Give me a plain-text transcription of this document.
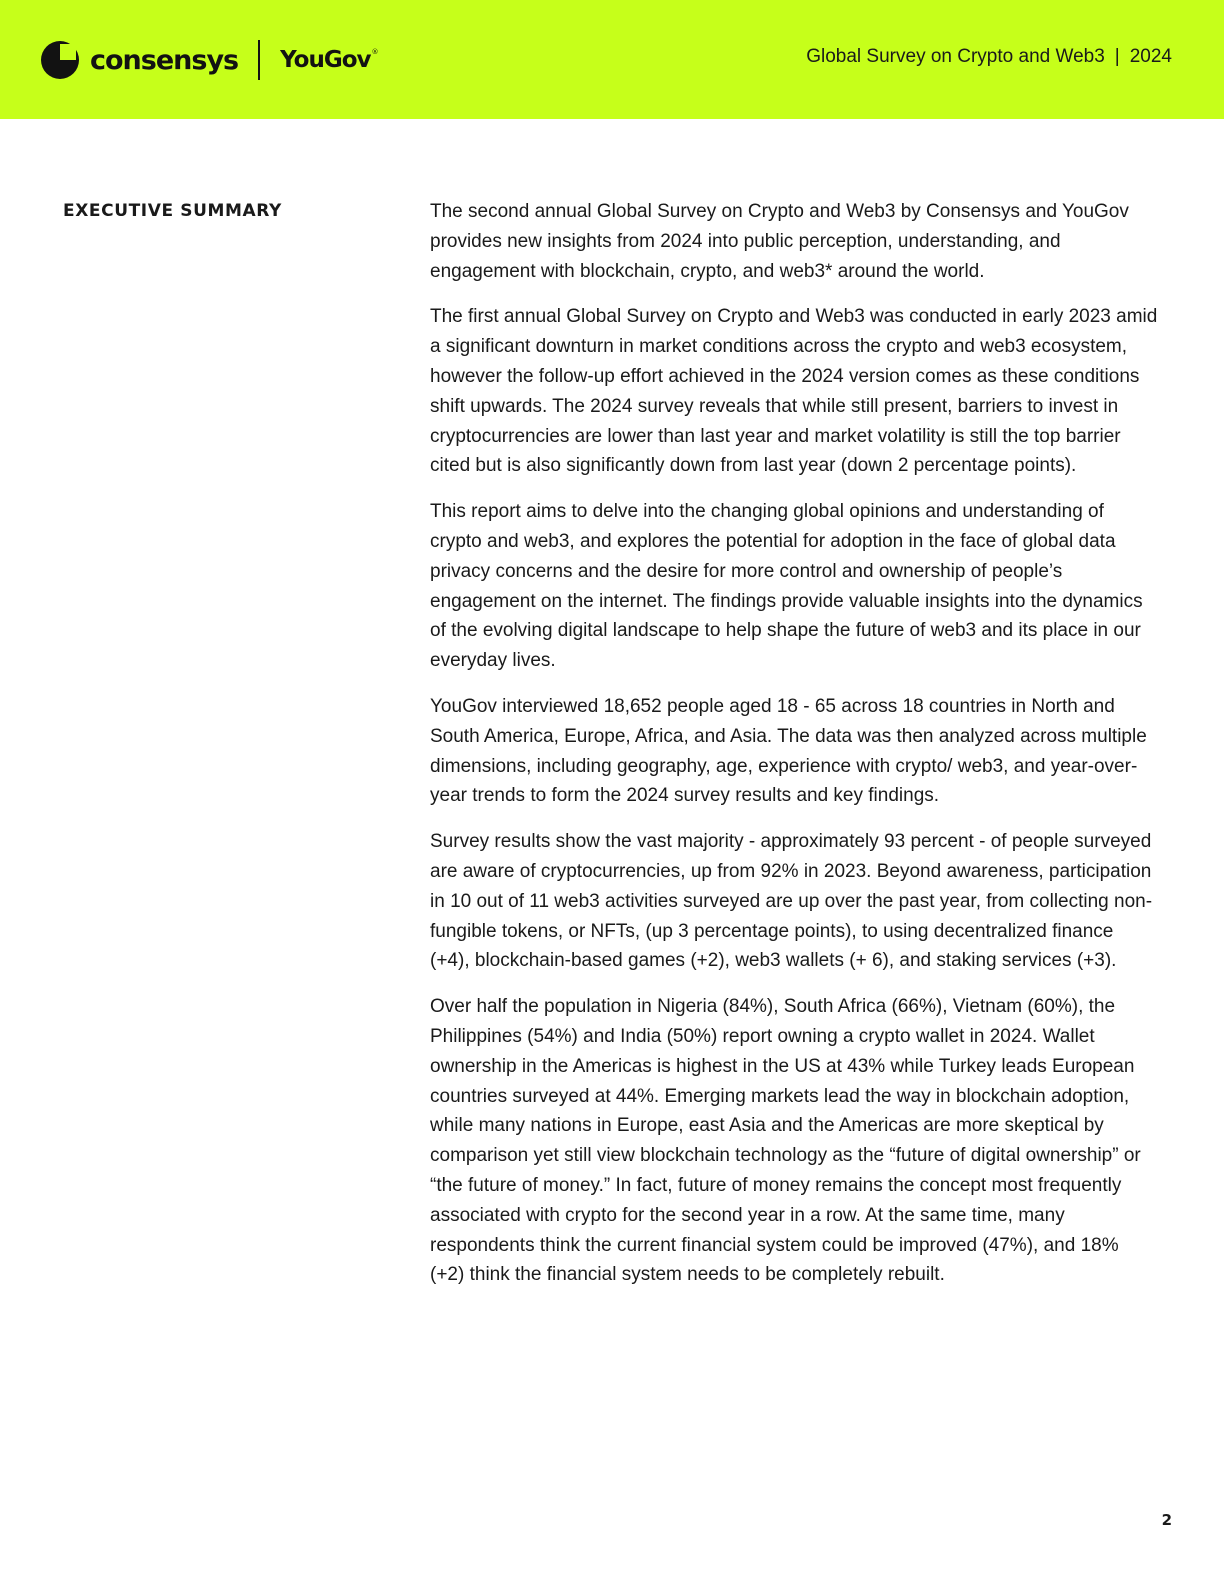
consensys YouGov®	Global Survey on Crypto and Web3 | 2024
EXECUTIVE SUMMARY	The second annual Global Survey on Crypto and Web3 by Consensys and YouGov provides new insights from 2024 into public perception, understanding, and engagement with blockchain, crypto, and web3* around the world.

The first annual Global Survey on Crypto and Web3 was conducted in early 2023 amid a significant downturn in market conditions across the crypto and web3 ecosystem, however the follow-up effort achieved in the 2024 version comes as these conditions shift upwards. The 2024 survey reveals that while still present, barriers to invest in cryptocurrencies are lower than last year and market volatility is still the top barrier cited but is also significantly down from last year (down 2 percentage points).

This report aims to delve into the changing global opinions and understanding of crypto and web3, and explores the potential for adoption in the face of global data privacy concerns and the desire for more control and ownership of people’s engagement on the internet. The findings provide valuable insights into the dynamics of the evolving digital landscape to help shape the future of web3 and its place in our everyday lives.

YouGov interviewed 18,652 people aged 18 - 65 across 18 countries in North and South America, Europe, Africa, and Asia. The data was then analyzed across multiple dimensions, including geography, age, experience with crypto/ web3, and year-over-year trends to form the 2024 survey results and key findings.

Survey results show the vast majority - approximately 93 percent - of people surveyed are aware of cryptocurrencies, up from 92% in 2023. Beyond awareness, participation in 10 out of 11 web3 activities surveyed are up over the past year, from collecting non-fungible tokens, or NFTs, (up 3 percentage points), to using decentralized finance (+4), blockchain-based games (+2), web3 wallets (+ 6), and staking services (+3).

Over half the population in Nigeria (84%), South Africa (66%), Vietnam (60%), the Philippines (54%) and India (50%) report owning a crypto wallet in 2024. Wallet ownership in the Americas is highest in the US at 43% while Turkey leads European countries surveyed at 44%. Emerging markets lead the way in blockchain adoption, while many nations in Europe, east Asia and the Americas are more skeptical by comparison yet still view blockchain technology as the “future of digital ownership” or “the future of money.” In fact, future of money remains the concept most frequently associated with crypto for the second year in a row. At the same time, many respondents think the current financial system could be improved (47%), and 18% (+2) think the financial system needs to be completely rebuilt.

2
